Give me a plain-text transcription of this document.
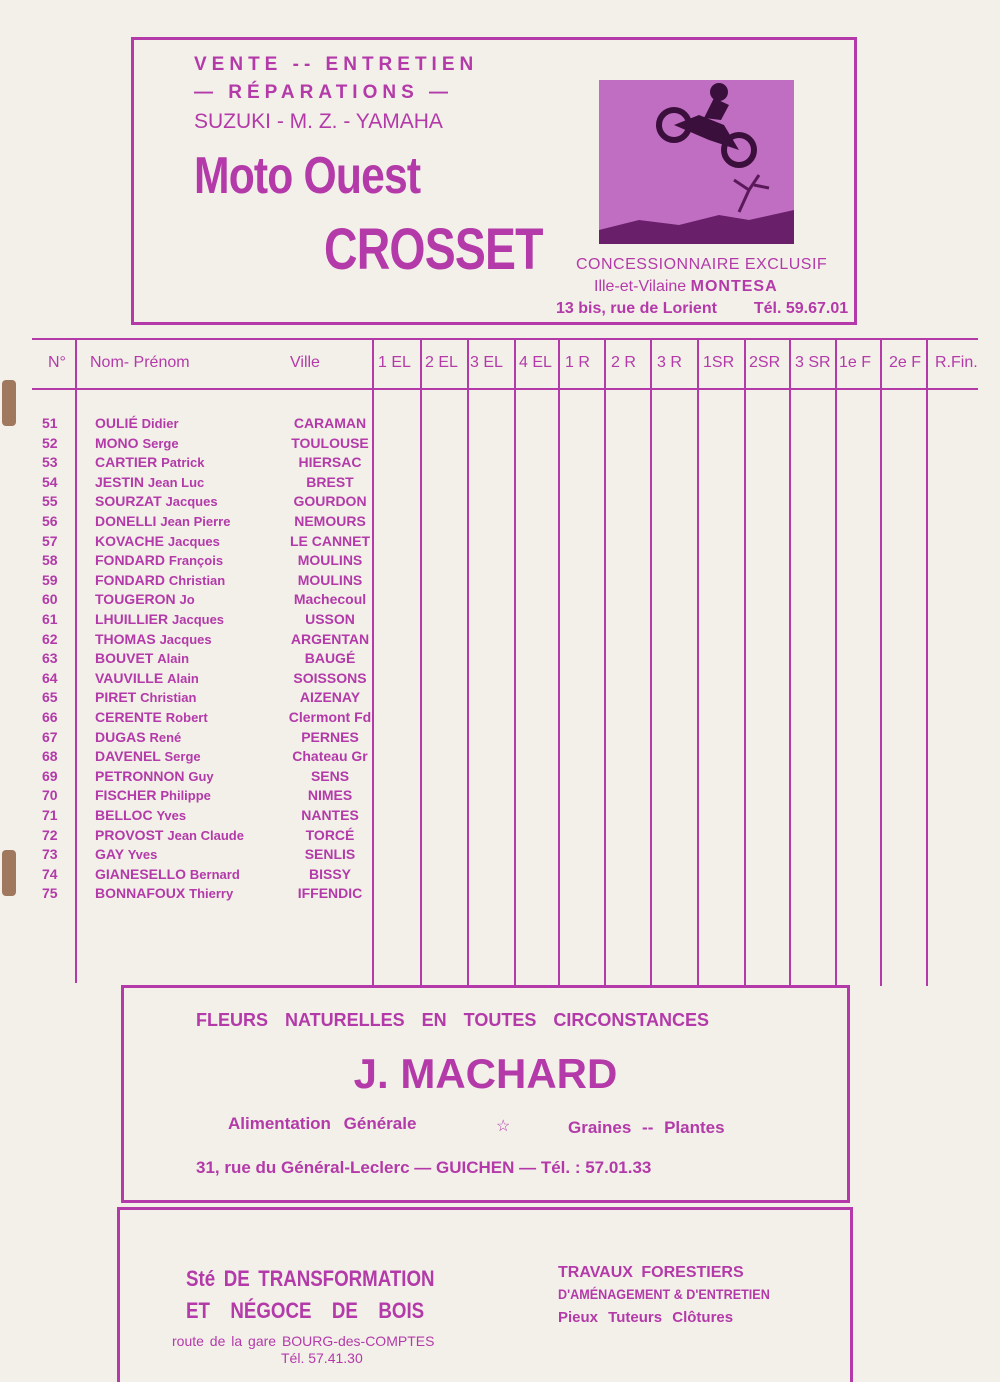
VENTE -- ENTRETIEN
— RÉPARATIONS —
SUZUKI - M. Z. - YAMAHA
Moto Ouest
CROSSET CONCESSIONNAIRE EXCLUSIF
Ille-et-Vilaine MONTESA
13 bis, rue de Lorient Tél. 59.67.01
N° Nom- Prénom	Ville	1 EL 2 EL 3 EL 4 EL 1 R 2 R 3 R 1SR 2SR 3 SR 1e F 2e F R.Fin.
51	OULIÉ Didier	CARAMAN
52	MONO Serge	TOULOUSE
53	CARTIER Patrick	HIERSAC
54	JESTIN Jean Luc	BREST
55	SOURZAT Jacques	GOURDON
56	DONELLI Jean Pierre	NEMOURS
57	KOVACHE Jacques	LE CANNET
58	FONDARD François	MOULINS
59	FONDARD Christian	MOULINS
60	TOUGERON Jo	Machecoul
61	LHUILLIER Jacques	USSON
62	THOMAS Jacques	ARGENTAN
63	BOUVET Alain	BAUGÉ
64	VAUVILLE Alain	SOISSONS
65	PIRET Christian	AIZENAY
66	CERENTE Robert	Clermont Fd
67	DUGAS René	PERNES
68	DAVENEL Serge	Chateau Gr
69	PETRONNON Guy	SENS
70	FISCHER Philippe	NIMES
71	BELLOC Yves	NANTES
72	PROVOST Jean Claude	TORCÉ
73	GAY Yves	SENLIS
74	GIANESELLO Bernard	BISSY
75	BONNAFOUX Thierry	IFFENDIC
FLEURS NATURELLES EN TOUTES CIRCONSTANCES
J. MACHARD
Alimentation Générale	☆	Graines -- Plantes
31, rue du Général-Leclerc — GUICHEN — Tél. : 57.01.33
Sté DE TRANSFORMATION
ET NÉGOCE DE BOIS
route de la gare BOURG-des-COMPTES
Tél. 57.41.30
TRAVAUX FORESTIERS
D'AMÉNAGEMENT & D'ENTRETIEN
Pieux Tuteurs Clôtures
